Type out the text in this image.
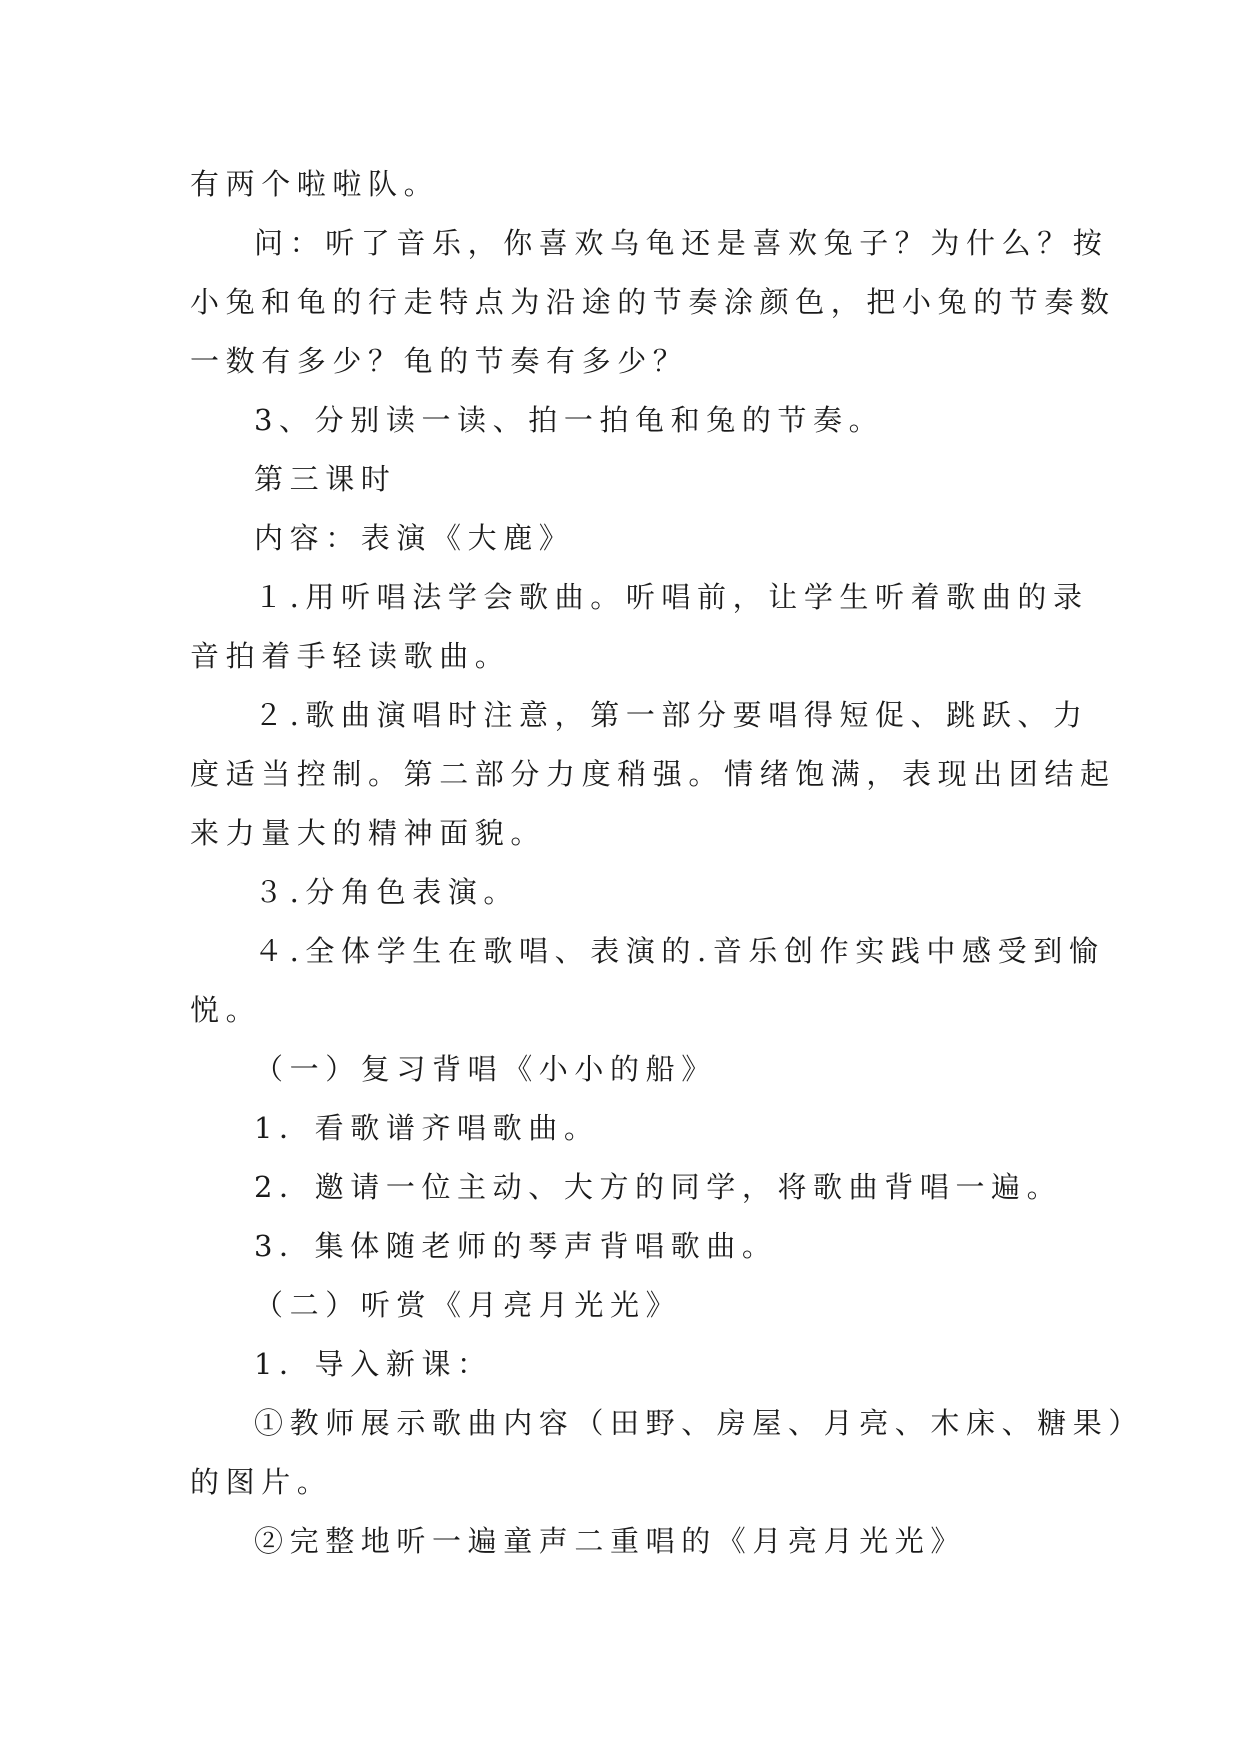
有两个啦啦队。
问：听了音乐，你喜欢乌龟还是喜欢兔子？为什么？按
小兔和龟的行走特点为沿途的节奏涂颜色，把小兔的节奏数
一数有多少？龟的节奏有多少？
3、分别读一读、拍一拍龟和兔的节奏。
第三课时
内容：表演《大鹿》
１.用听唱法学会歌曲。听唱前，让学生听着歌曲的录
音拍着手轻读歌曲。
２.歌曲演唱时注意，第一部分要唱得短促、跳跃、力
度适当控制。第二部分力度稍强。情绪饱满，表现出团结起
来力量大的精神面貌。
３.分角色表演。
４.全体学生在歌唱、表演的.音乐创作实践中感受到愉
悦。
（一）复习背唱《小小的船》
1．看歌谱齐唱歌曲。
2．邀请一位主动、大方的同学，将歌曲背唱一遍。
3．集体随老师的琴声背唱歌曲。
（二）听赏《月亮月光光》
1．导入新课：
①教师展示歌曲内容（田野、房屋、月亮、木床、糖果）
的图片。
②完整地听一遍童声二重唱的《月亮月光光》
